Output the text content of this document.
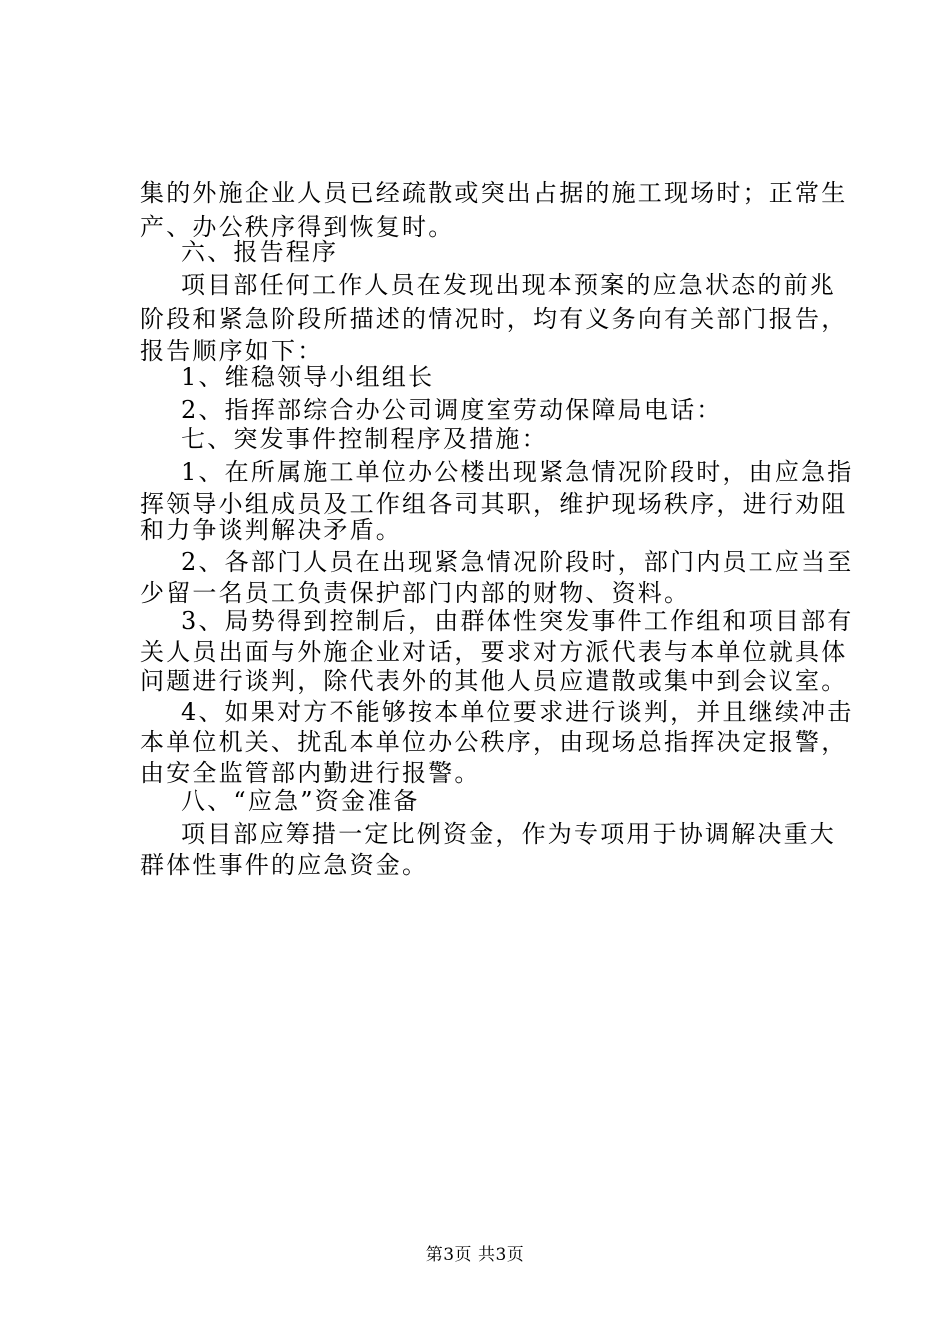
集的外施企业人员已经疏散或突出占据的施工现场时；正常生
产、办公秩序得到恢复时。
六、报告程序
项目部任何工作人员在发现出现本预案的应急状态的前兆
阶段和紧急阶段所描述的情况时，均有义务向有关部门报告，
报告顺序如下：
1、维稳领导小组组长
2、指挥部综合办公司调度室劳动保障局电话：
七、突发事件控制程序及措施：
1、在所属施工单位办公楼出现紧急情况阶段时，由应急指
挥领导小组成员及工作组各司其职，维护现场秩序，进行劝阻
和力争谈判解决矛盾。
2、各部门人员在出现紧急情况阶段时，部门内员工应当至
少留一名员工负责保护部门内部的财物、资料。
3、局势得到控制后，由群体性突发事件工作组和项目部有
关人员出面与外施企业对话，要求对方派代表与本单位就具体
问题进行谈判，除代表外的其他人员应遣散或集中到会议室。
4、如果对方不能够按本单位要求进行谈判，并且继续冲击
本单位机关、扰乱本单位办公秩序，由现场总指挥决定报警，
由安全监管部内勤进行报警。
八、“应急”资金准备
项目部应筹措一定比例资金，作为专项用于协调解决重大
群体性事件的应急资金。
第3页 共3页
